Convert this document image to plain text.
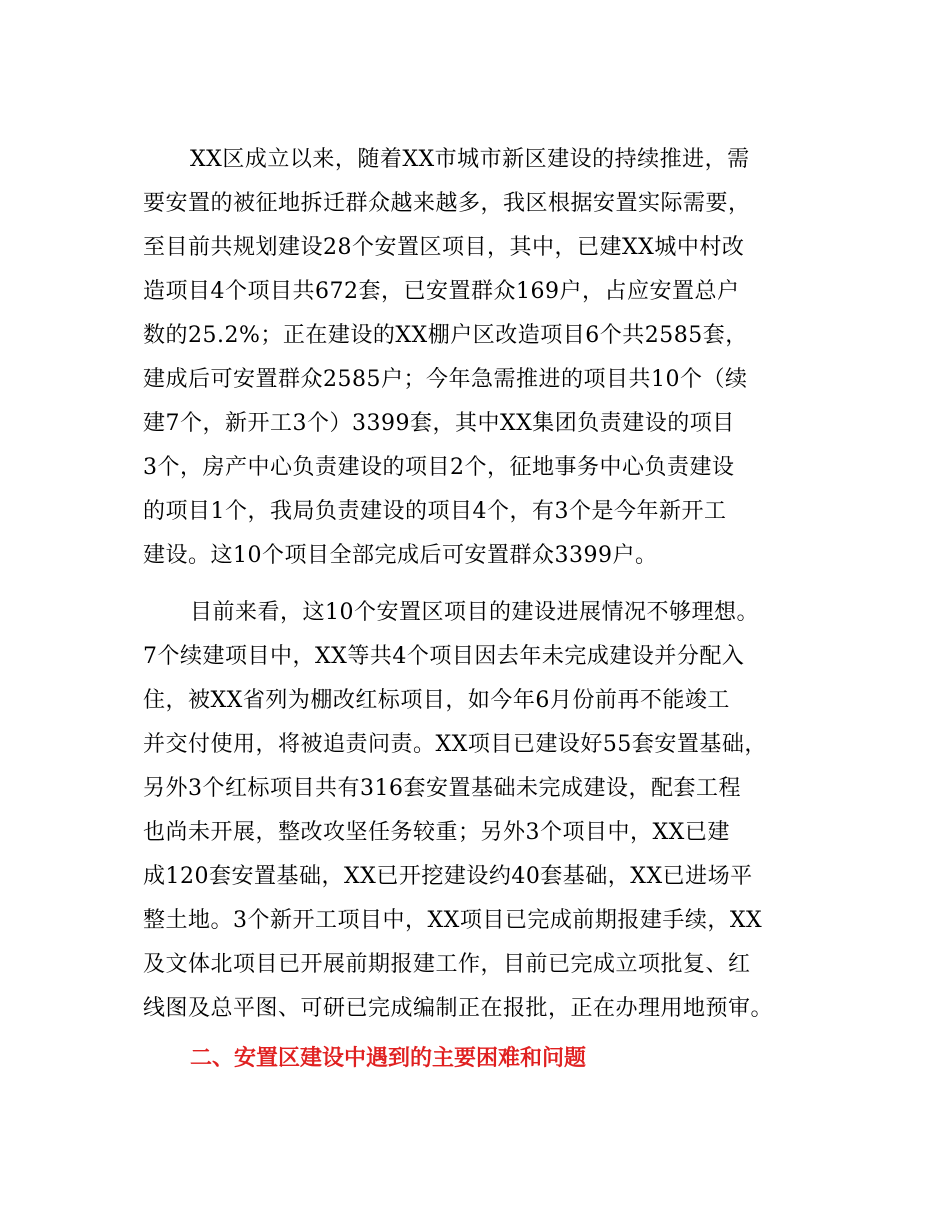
XX区成立以来，随着XX市城市新区建设的持续推进，需
要安置的被征地拆迁群众越来越多，我区根据安置实际需要，
至目前共规划建设28个安置区项目，其中，已建XX城中村改
造项目4个项目共672套，已安置群众169户，占应安置总户
数的25.2%；正在建设的XX棚户区改造项目6个共2585套，
建成后可安置群众2585户；今年急需推进的项目共10个（续
建7个，新开工3个）3399套，其中XX集团负责建设的项目
3个，房产中心负责建设的项目2个，征地事务中心负责建设
的项目1个，我局负责建设的项目4个，有3个是今年新开工
建设。这10个项目全部完成后可安置群众3399户。
目前来看，这10个安置区项目的建设进展情况不够理想。
7个续建项目中，XX等共4个项目因去年未完成建设并分配入
住，被XX省列为棚改红标项目，如今年6月份前再不能竣工
并交付使用，将被追责问责。XX项目已建设好55套安置基础，
另外3个红标项目共有316套安置基础未完成建设，配套工程
也尚未开展，整改攻坚任务较重；另外3个项目中，XX已建
成120套安置基础，XX已开挖建设约40套基础，XX已进场平
整土地。3个新开工项目中，XX项目已完成前期报建手续，XX
及文体北项目已开展前期报建工作，目前已完成立项批复、红
线图及总平图、可研已完成编制正在报批，正在办理用地预审。
二、安置区建设中遇到的主要困难和问题
